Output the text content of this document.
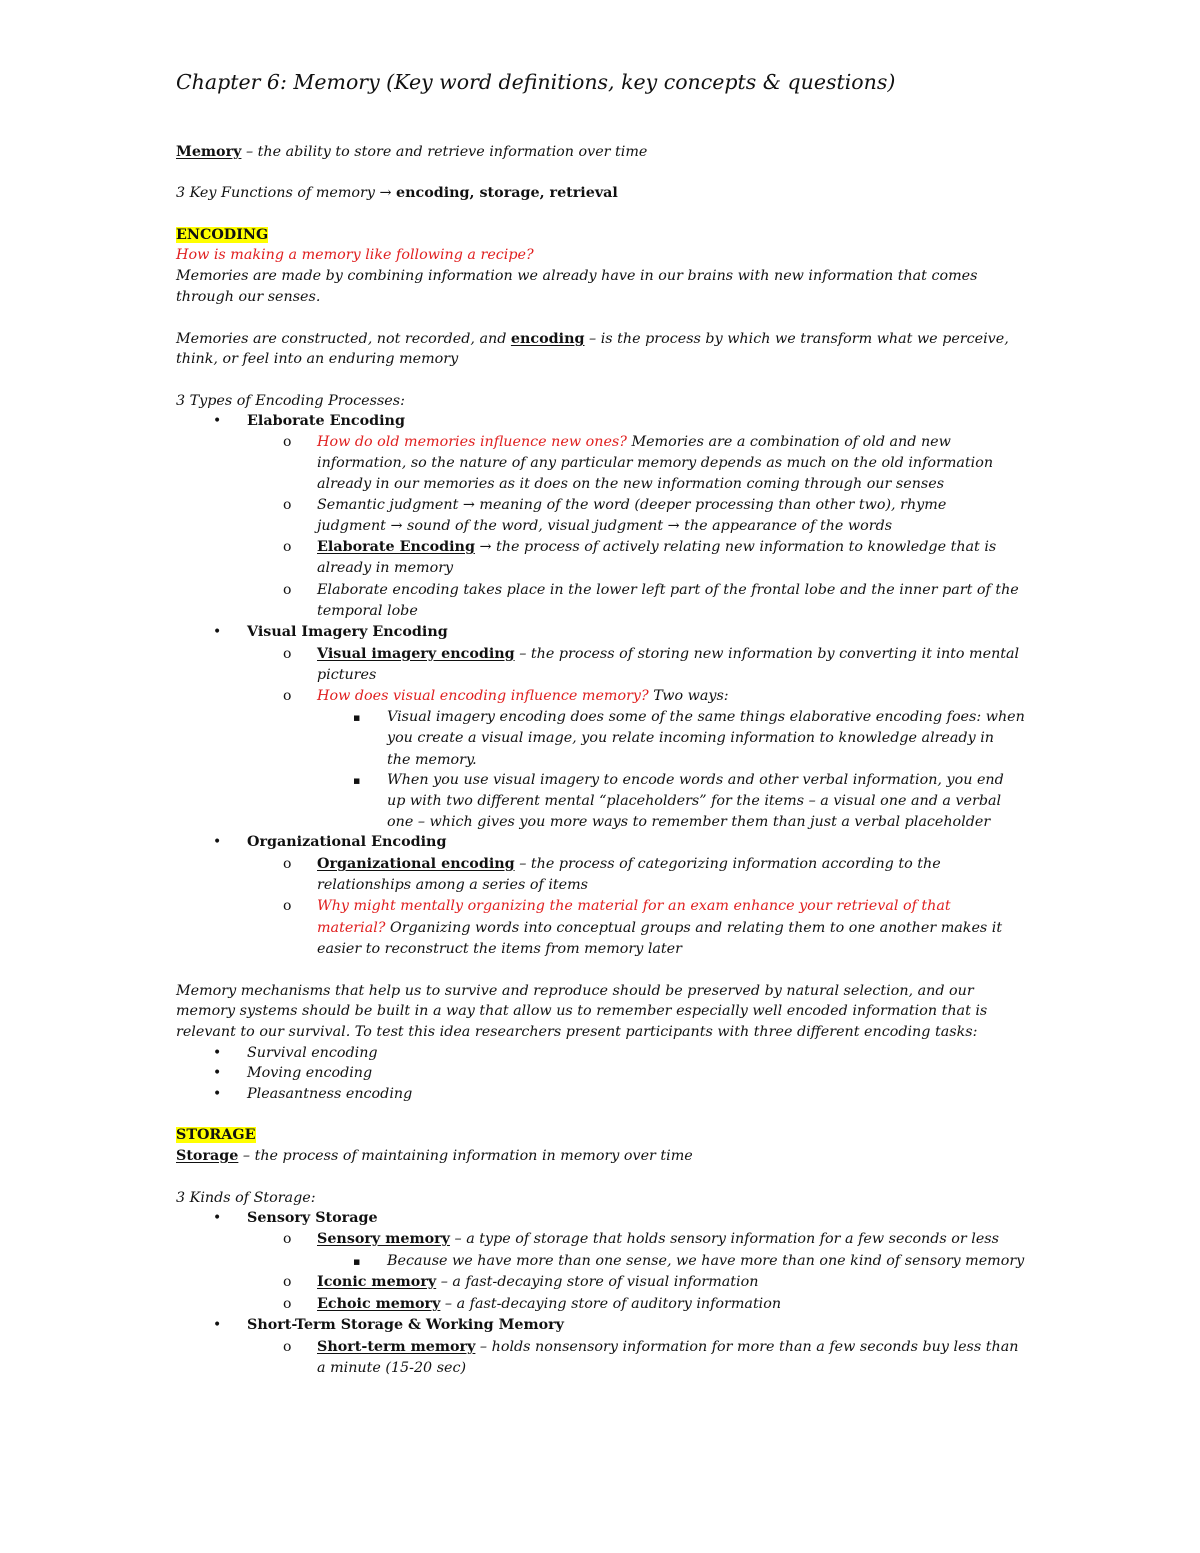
Chapter 6: Memory (Key word definitions, key concepts & questions)
Memory – the ability to store and retrieve information over time
3 Key Functions of memory → encoding, storage, retrieval
ENCODING
How is making a memory like following a recipe?
Memories are made by combining information we already have in our brains with new information that comes
through our senses.
Memories are constructed, not recorded, and encoding – is the process by which we transform what we perceive,
think, or feel into an enduring memory
3 Types of Encoding Processes:
• Elaborate Encoding
o How do old memories influence new ones? Memories are a combination of old and new
information, so the nature of any particular memory depends as much on the old information
already in our memories as it does on the new information coming through our senses
o Semantic judgment → meaning of the word (deeper processing than other two), rhyme
judgment → sound of the word, visual judgment → the appearance of the words
o Elaborate Encoding → the process of actively relating new information to knowledge that is
already in memory
o Elaborate encoding takes place in the lower left part of the frontal lobe and the inner part of the
temporal lobe
• Visual Imagery Encoding
o Visual imagery encoding – the process of storing new information by converting it into mental
pictures
o How does visual encoding influence memory? Two ways:
▪ Visual imagery encoding does some of the same things elaborative encoding foes: when
you create a visual image, you relate incoming information to knowledge already in
the memory.
▪ When you use visual imagery to encode words and other verbal information, you end
up with two different mental “placeholders” for the items – a visual one and a verbal
one – which gives you more ways to remember them than just a verbal placeholder
• Organizational Encoding
o Organizational encoding – the process of categorizing information according to the
relationships among a series of items
o Why might mentally organizing the material for an exam enhance your retrieval of that
material? Organizing words into conceptual groups and relating them to one another makes it
easier to reconstruct the items from memory later
Memory mechanisms that help us to survive and reproduce should be preserved by natural selection, and our
memory systems should be built in a way that allow us to remember especially well encoded information that is
relevant to our survival. To test this idea researchers present participants with three different encoding tasks:
• Survival encoding
• Moving encoding
• Pleasantness encoding
STORAGE
Storage – the process of maintaining information in memory over time
3 Kinds of Storage:
• Sensory Storage
o Sensory memory – a type of storage that holds sensory information for a few seconds or less
▪ Because we have more than one sense, we have more than one kind of sensory memory
o Iconic memory – a fast-decaying store of visual information
o Echoic memory – a fast-decaying store of auditory information
• Short-Term Storage & Working Memory
o Short-term memory – holds nonsensory information for more than a few seconds buy less than
a minute (15-20 sec)
